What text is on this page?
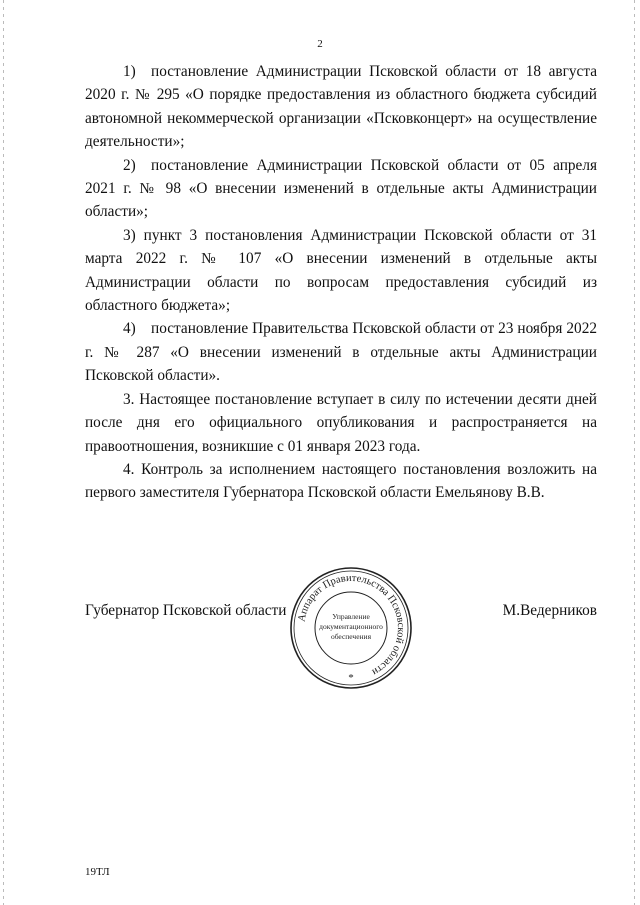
2

1) постановление Администрации Псковской области от 18 августа 2020 г. № 295 «О порядке предоставления из областного бюджета субсидий автономной некоммерческой организации «Псковконцерт» на осуществление деятельности»;

2) постановление Администрации Псковской области от 05 апреля 2021 г. № 98 «О внесении изменений в отдельные акты Администрации области»;

3) пункт 3 постановления Администрации Псковской области от 31 марта 2022 г. № 107 «О внесении изменений в отдельные акты Администрации области по вопросам предоставления субсидий из областного бюджета»;

4) постановление Правительства Псковской области от 23 ноября 2022 г. № 287 «О внесении изменений в отдельные акты Администрации Псковской области».

3. Настоящее постановление вступает в силу по истечении десяти дней после дня его официального опубликования и распространяется на правоотношения, возникшие с 01 января 2023 года.

4. Контроль за исполнением настоящего постановления возложить на первого заместителя Губернатора Псковской области Емельянову В.В.

Губернатор Псковской области	М.Ведерников
Аппарат Правительства Псковской области
Управление
документационного
обеспечения
*
19ТЛ
